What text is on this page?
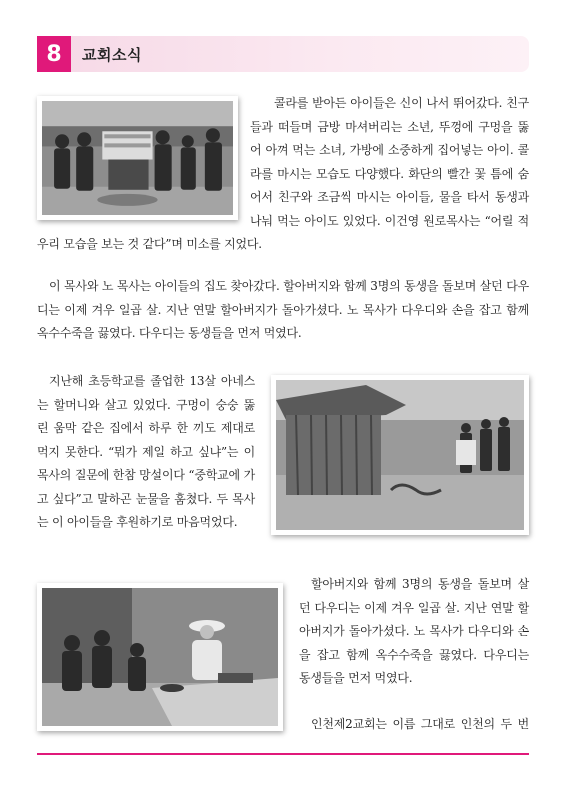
8	교회소식

콜라를 받아든 아이들은 신이 나서 뛰어갔다. 친구들과 떠들며 금방 마셔버리는 소년, 뚜껑에 구멍을 뚫어 아껴 먹는 소녀, 가방에 소중하게 집어넣는 아이. 콜라를 마시는 모습도 다양했다. 화단의 빨간 꽃 틈에 숨어서 친구와 조금씩 마시는 아이들, 물을 타서 동생과 나눠 먹는 아이도 있었다. 이건영 원로목사는 “어릴 적 우리 모습을 보는 것 같다”며 미소를 지었다.

이 목사와 노 목사는 아이들의 집도 찾아갔다. 할아버지와 함께 3명의 동생을 돌보며 살던 다우디는 이제 겨우 일곱 살. 지난 연말 할아버지가 돌아가셨다. 노 목사가 다우디와 손을 잡고 함께 옥수수죽을 끓였다. 다우디는 동생들을 먼저 먹였다.

지난해 초등학교를 졸업한 13살 아네스는 할머니와 살고 있었다. 구멍이 숭숭 뚫린 움막 같은 집에서 하루 한 끼도 제대로 먹지 못한다. “뭐가 제일 하고 싶냐”는 이 목사의 질문에 한참 망설이다 “중학교에 가고 싶다”고 말하곤 눈물을 훔쳤다. 두 목사는 이 아이들을 후원하기로 마음먹었다.

할아버지와 함께 3명의 동생을 돌보며 살던 다우디는 이제 겨우 일곱 살. 지난 연말 할아버지가 돌아가셨다. 노 목사가 다우디와 손을 잡고 함께 옥수수죽을 끓였다. 다우디는 동생들을 먼저 먹였다.

인천제2교회는 이름 그대로 인천의 두 번
